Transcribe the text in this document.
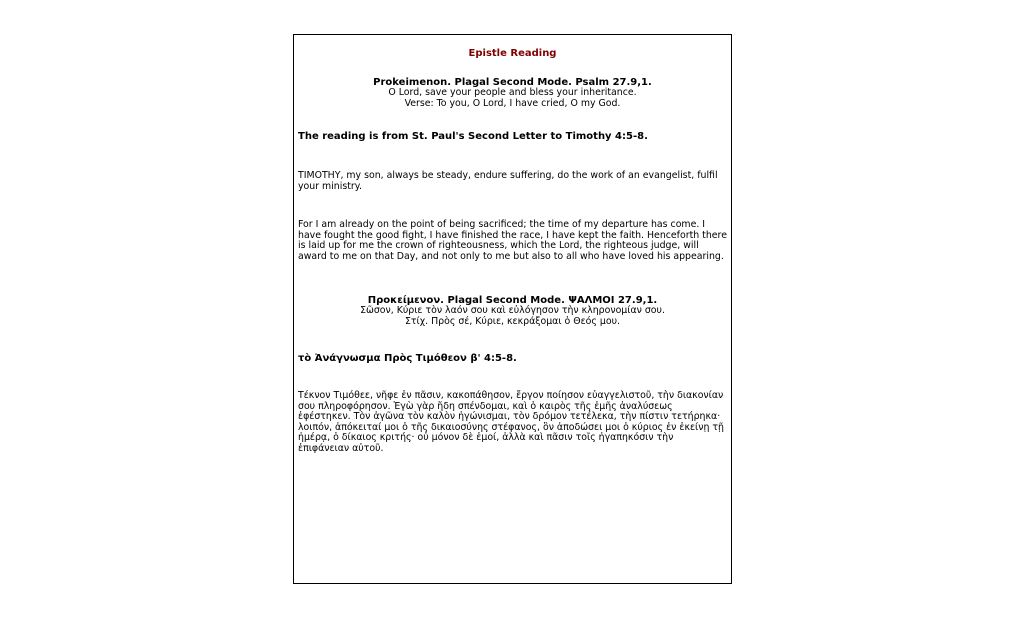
Epistle Reading
Prokeimenon. Plagal Second Mode. Psalm 27.9,1.
O Lord, save your people and bless your inheritance.
Verse: To you, O Lord, I have cried, O my God.
The reading is from St. Paul's Second Letter to Timothy 4:5-8.
TIMOTHY, my son, always be steady, endure suffering, do the work of an evangelist, fulfil your ministry.
For I am already on the point of being sacrificed; the time of my departure has come. I have fought the good fight, I have finished the race, I have kept the faith. Henceforth there is laid up for me the crown of righteousness, which the Lord, the righteous judge, will award to me on that Day, and not only to me but also to all who have loved his appearing.
Προκείμενον. Plagal Second Mode. ΨΑΛΜΟΙ 27.9,1.
Σῶσον, Κύριε τὸν λαόν σου καὶ εὐλόγησον τὴν κληρονομίαν σου.
Στίχ. Πρὸς σέ, Κύριε, κεκράξομαι ὁ Θεός μου.
τὸ Ἀνάγνωσμα Πρὸς Τιμόθεον β' 4:5-8.
Τέκνον Τιμόθεε, νῆφε ἐν πᾶσιν, κακοπάθησον, ἔργον ποίησον εὐαγγελιστοῦ, τὴν διακονίαν σου πληροφόρησον. Ἐγὼ γὰρ ἤδη σπένδομαι, καὶ ὁ καιρὸς τῆς ἐμῆς ἀναλύσεως ἐφέστηκεν. Τὸν ἀγῶνα τὸν καλὸν ἠγώνισμαι, τὸν δρόμον τετέλεκα, τὴν πίστιν τετήρηκα· λοιπόν, ἀπόκειταί μοι ὁ τῆς δικαιοσύνης στέφανος, ὃν ἀποδώσει μοι ὁ κύριος ἐν ἐκείνῃ τῇ ἡμέρᾳ, ὁ δίκαιος κριτής· οὐ μόνον δὲ ἐμοί, ἀλλὰ καὶ πᾶσιν τοῖς ἠγαπηκόσιν τὴν ἐπιφάνειαν αὐτοῦ.
